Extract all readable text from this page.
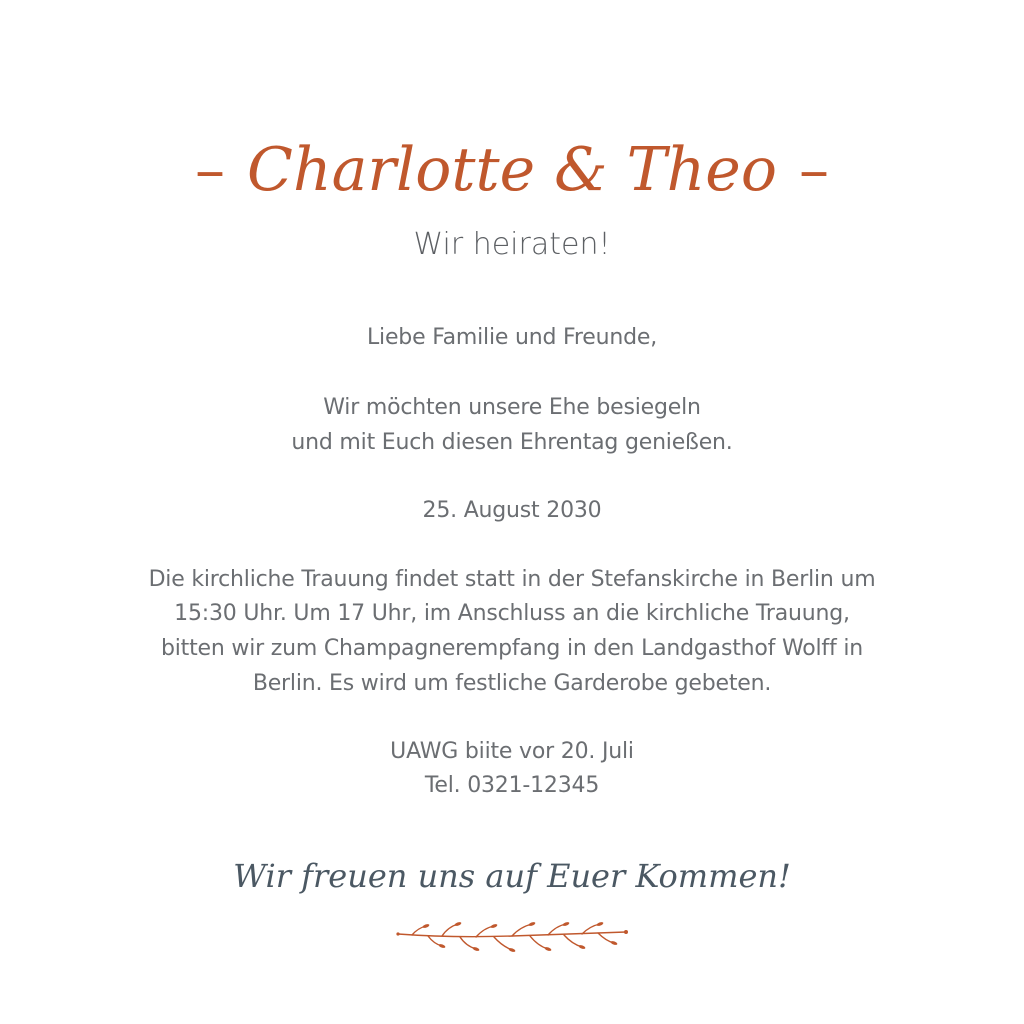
– Charlotte & Theo –
Wir heiraten!
Liebe Familie und Freunde,
Wir möchten unsere Ehe besiegeln
und mit Euch diesen Ehrentag genießen.
25. August 2030
Die kirchliche Trauung findet statt in der Stefanskirche in Berlin um
15:30 Uhr. Um 17 Uhr, im Anschluss an die kirchliche Trauung,
bitten wir zum Champagnerempfang in den Landgasthof Wolff in
Berlin. Es wird um festliche Garderobe gebeten.
UAWG biite vor 20. Juli
Tel. 0321-12345
Wir freuen uns auf Euer Kommen!
